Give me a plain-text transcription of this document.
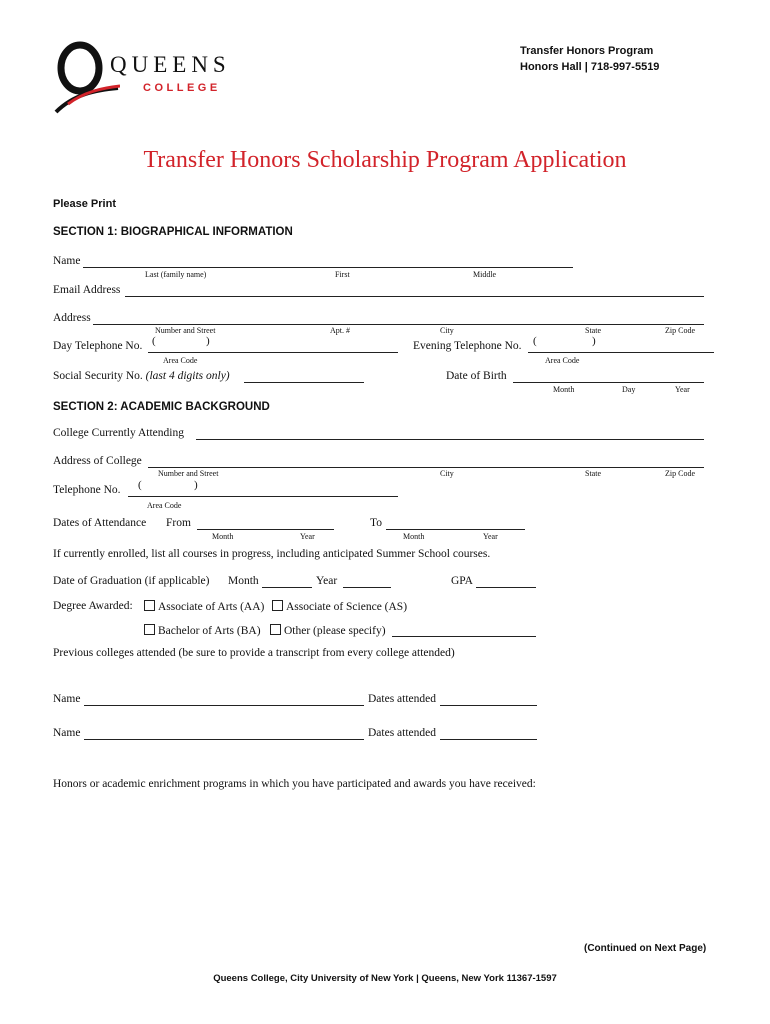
QUEENS
COLLEGE
Transfer Honors Program
Honors Hall | 718-997-5519
Transfer Honors Scholarship Program Application
Please Print
SECTION 1: BIOGRAPHICAL INFORMATION
Name
Last (family name)	First	Middle
Email Address
Address
Number and Street	Apt. #	City	State	Zip Code
Day Telephone No. (	)
Area Code
Evening Telephone No. (	)
Area Code
Social Security No. (last 4 digits only)	Date of Birth
Month	Day	Year
SECTION 2: ACADEMIC BACKGROUND
College Currently Attending
Address of College
Number and Street	City	State	Zip Code
Telephone No. (	)
Area Code
Dates of Attendance From
Month	Year
To
Month	Year
If currently enrolled, list all courses in progress, including anticipated Summer School courses.
Date of Graduation (if applicable) Month	Year	GPA
Degree Awarded:	Associate of Arts (AA)	Associate of Science (AS)
Bachelor of Arts (BA)	Other (please specify)
Previous colleges attended (be sure to provide a transcript from every college attended)
Name	Dates attended
Name	Dates attended
Honors or academic enrichment programs in which you have participated and awards you have received:
(Continued on Next Page)
Queens College, City University of New York | Queens, New York 11367-1597
